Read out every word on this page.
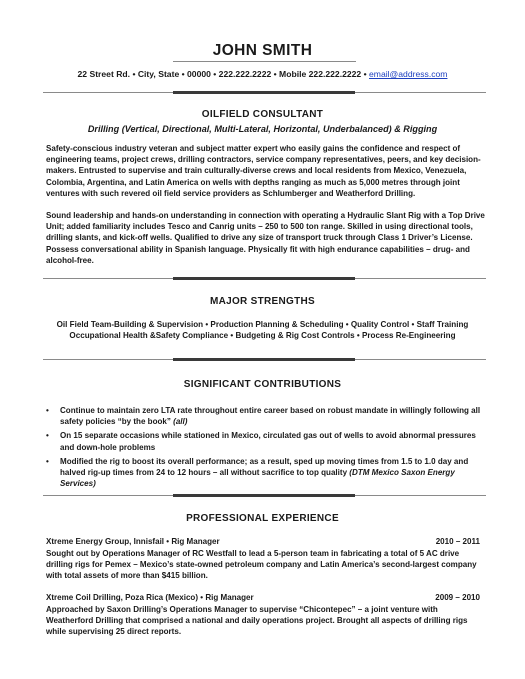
JOHN SMITH
22 Street Rd. • City, State • 00000 • 222.222.2222 • Mobile 222.222.2222 • email@address.com
OILFIELD CONSULTANT
Drilling (Vertical, Directional, Multi-Lateral, Horizontal, Underbalanced) & Rigging

Safety-conscious industry veteran and subject matter expert who easily gains the confidence and respect of engineering teams, project crews, drilling contractors, service company representatives, peers, and key decision-makers. Entrusted to supervise and train culturally-diverse crews and local residents from Mexico, Venezuela, Colombia, Argentina, and Latin America on wells with depths ranging as much as 5,000 metres through joint ventures with such revered oil field service providers as Schlumberger and Weatherford Drilling.

Sound leadership and hands-on understanding in connection with operating a Hydraulic Slant Rig with a Top Drive Unit; added familiarity includes Tesco and Canrig units – 250 to 500 ton range. Skilled in using directional tools, drilling slants, and kick-off wells. Qualified to drive any size of transport truck through Class 1 Driver’s License. Possess conversational ability in Spanish language. Physically fit with high endurance capabilities – drug- and alcohol-free.

MAJOR STRENGTHS
Oil Field Team-Building & Supervision • Production Planning & Scheduling • Quality Control • Staff Training
Occupational Health &Safety Compliance • Budgeting & Rig Cost Controls • Process Re-Engineering
SIGNIFICANT CONTRIBUTIONS
• Continue to maintain zero LTA rate throughout entire career based on robust mandate in willingly following all safety policies “by the book” (all)
• On 15 separate occasions while stationed in Mexico, circulated gas out of wells to avoid abnormal pressures and down-hole problems
• Modified the rig to boost its overall performance; as a result, sped up moving times from 1.5 to 1.0 day and halved rig-up times from 24 to 12 hours – all without sacrifice to top quality (DTM Mexico Saxon Energy Services)
PROFESSIONAL EXPERIENCE
Xtreme Energy Group, Innisfail • Rig Manager	2010 – 2011

Sought out by Operations Manager of RC Westfall to lead a 5-person team in fabricating a total of 5 AC drive drilling rigs for Pemex – Mexico’s state-owned petroleum company and Latin America’s second-largest company with total assets of more than $415 billion.

Xtreme Coil Drilling, Poza Rica (Mexico) • Rig Manager	2009 – 2010

Approached by Saxon Drilling’s Operations Manager to supervise “Chicontepec” – a joint venture with Weatherford Drilling that comprised a national and daily operations project. Brought all aspects of drilling rigs while supervising 25 direct reports.
